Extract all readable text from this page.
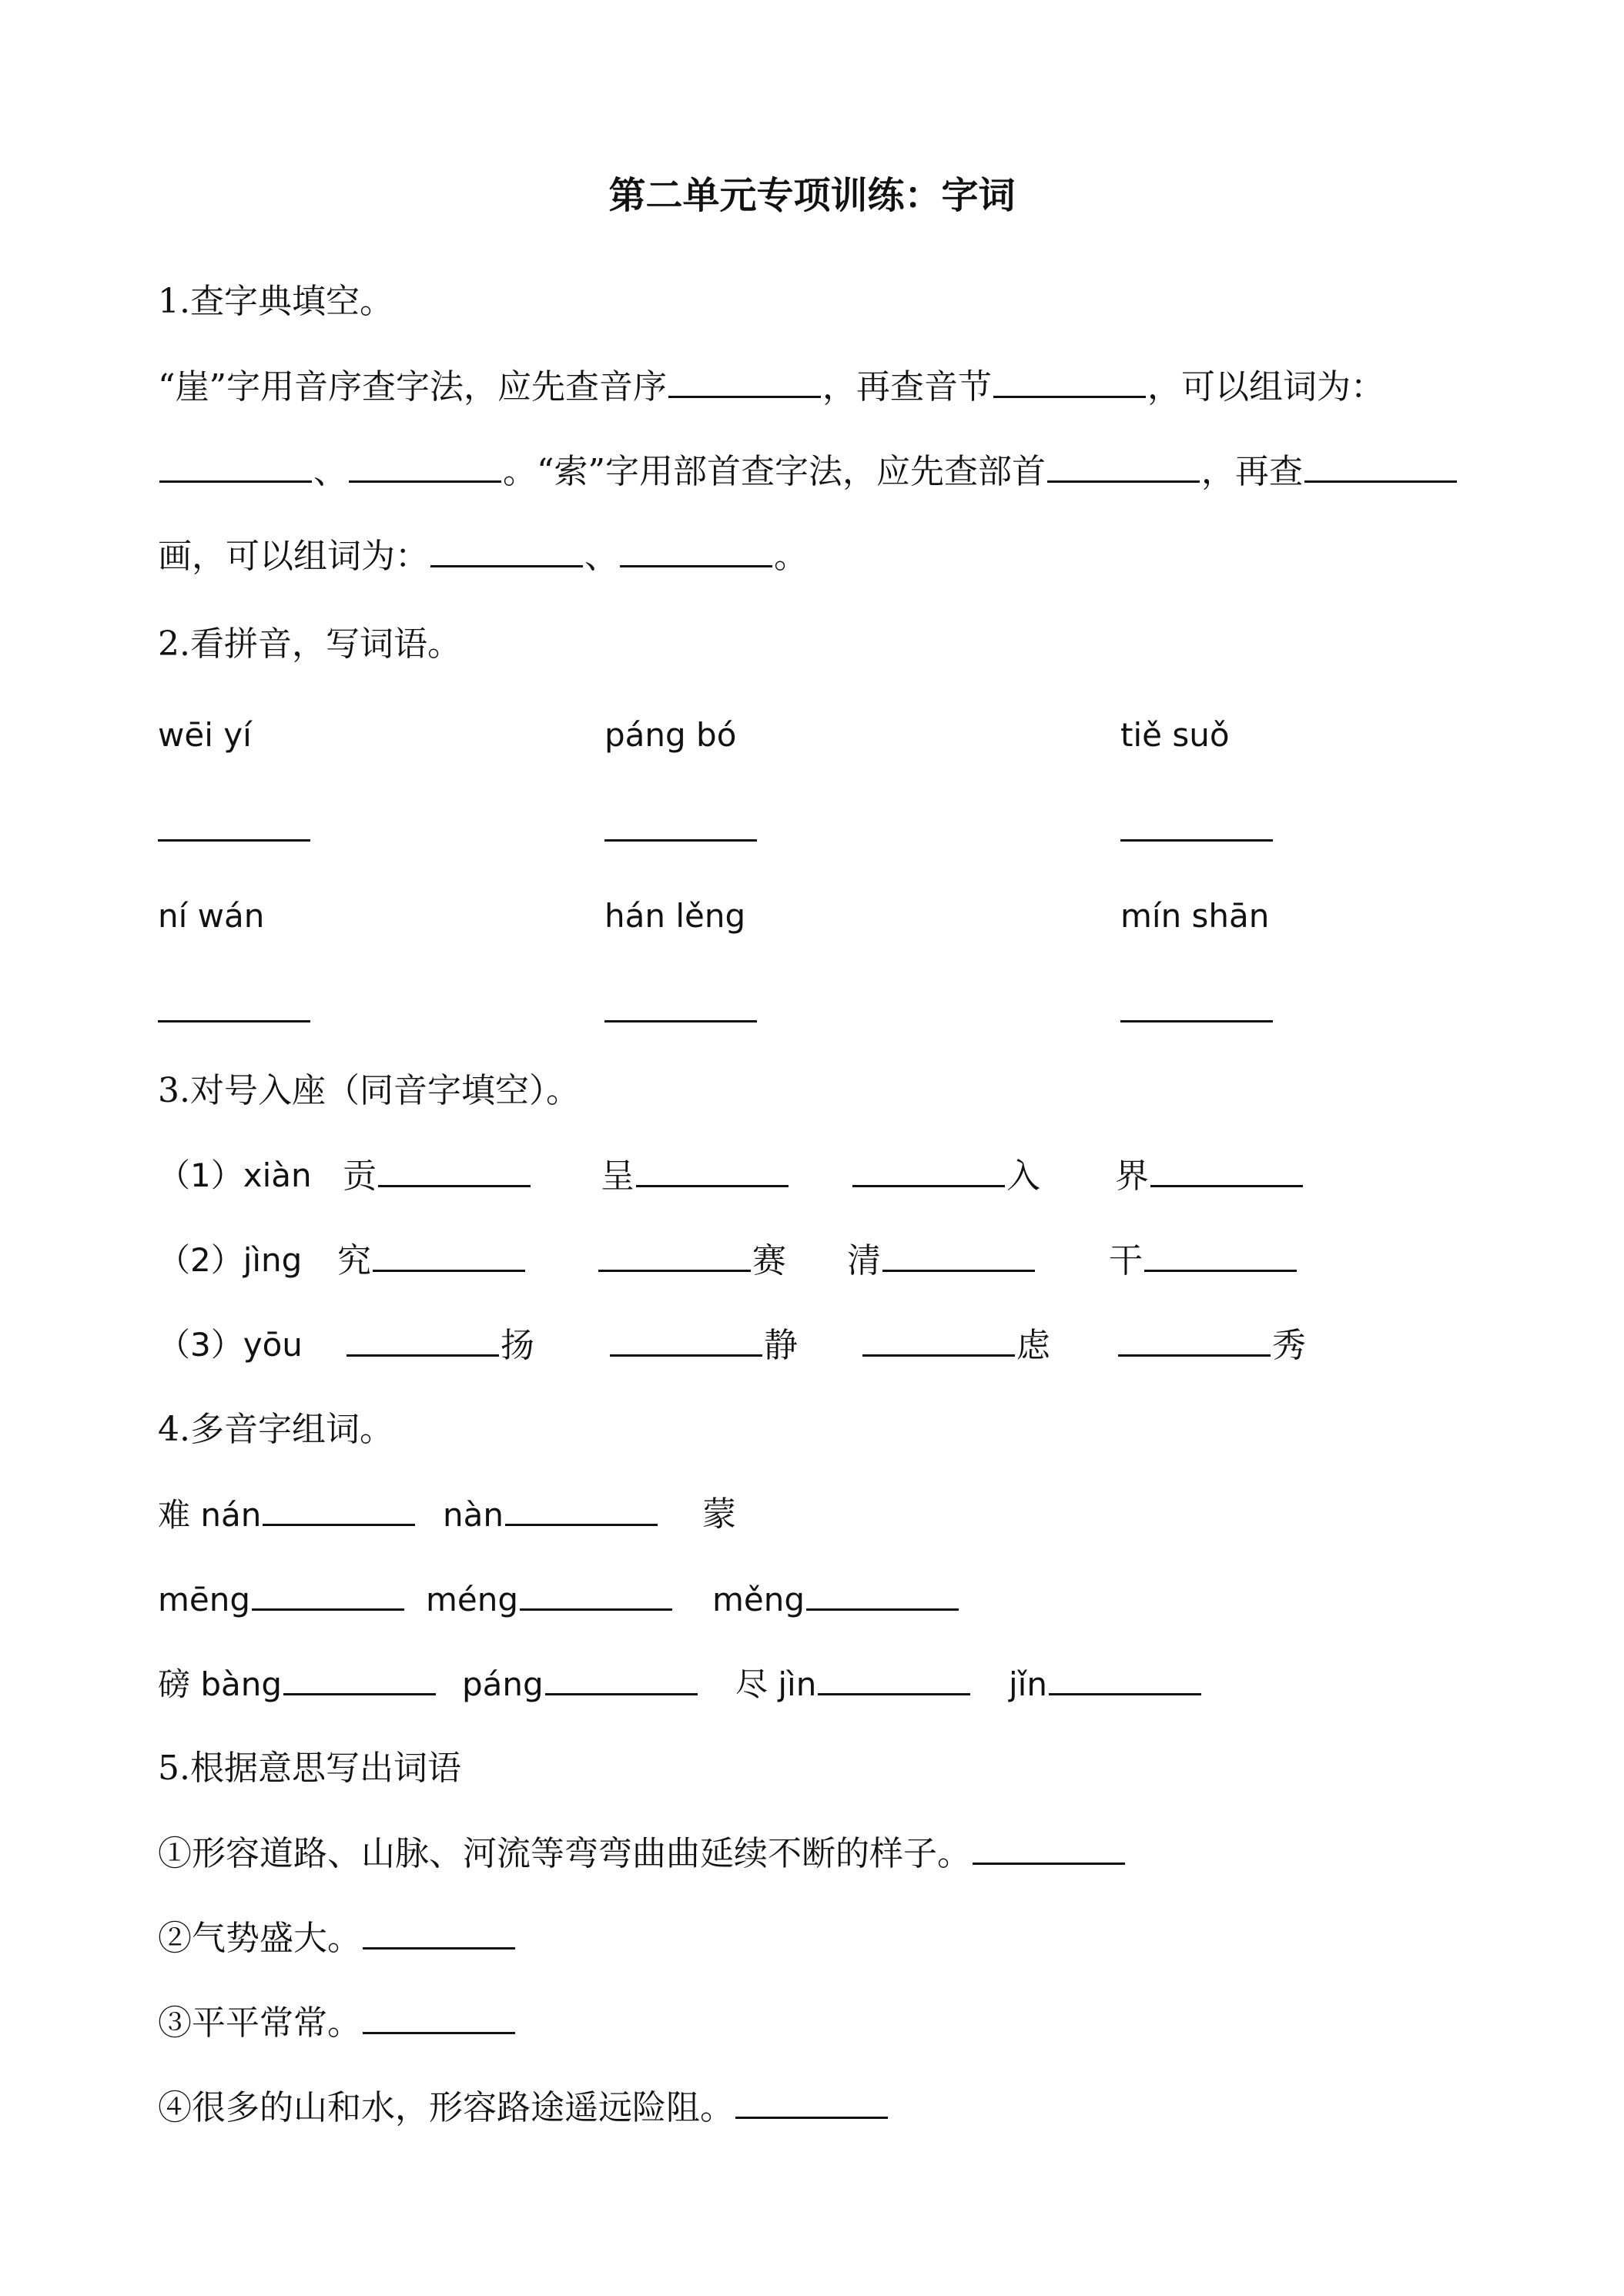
第二单元专项训练：字词
1.查字典填空。
“崖”字用音序查字法，应先查音序	，再查音节	，可以组词为：
、	。“索”字用部首查字法，应先查部首	，再查
画，可以组词为：	、	。
2.看拼音，写词语。
wēi yí	páng bó	tiě suǒ
ní wán	hán lěng	mín shān
3.对号入座（同音字填空）。
（1）xiàn 贡	呈	入 界
（2）jìng 究	赛 清	干
（3）yōu	扬	静	虑	秀
4.多音字组词。
难 nán	nàn	蒙
mēng	méng	měng
磅 bàng	páng	尽 jìn	jǐn
5.根据意思写出词语
①形容道路、山脉、河流等弯弯曲曲延续不断的样子。
②气势盛大。
③平平常常。
④很多的山和水，形容路途遥远险阻。
